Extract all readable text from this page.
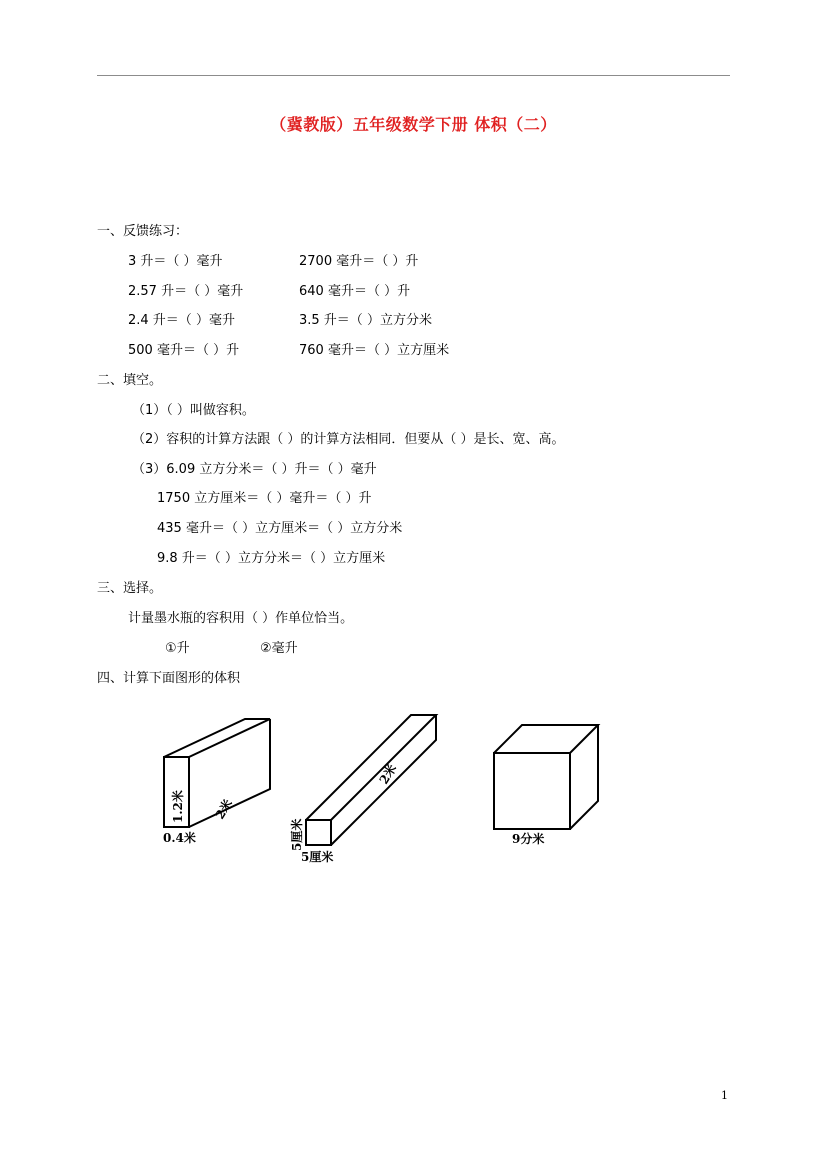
（冀教版）五年级数学下册 体积（二）
一、反馈练习：
3 升＝（ ）毫升	2700 毫升＝（ ）升
2.57 升＝（ ）毫升	640 毫升＝（ ）升
2.4 升＝（ ）毫升	3.5 升＝（ ）立方分米
500 毫升＝（ ）升	760 毫升＝（ ）立方厘米
二、填空。
（1）（ ）叫做容积。
（2）容积的计算方法跟（ ）的计算方法相同．但要从（ ）是长、宽、高。
（3）6.09 立方分米＝（ ）升＝（ ）毫升
1750 立方厘米＝（ ）毫升＝（ ）升
435 毫升＝（ ）立方厘米＝（ ）立方分米
9.8 升＝（ ）立方分米＝（ ）立方厘米
三、选择。
计量墨水瓶的容积用（ ）作单位恰当。
①升	②毫升
四、计算下面图形的体积
1.2米 2米
0.4米
2米
5厘米
5厘米
9分米
1
